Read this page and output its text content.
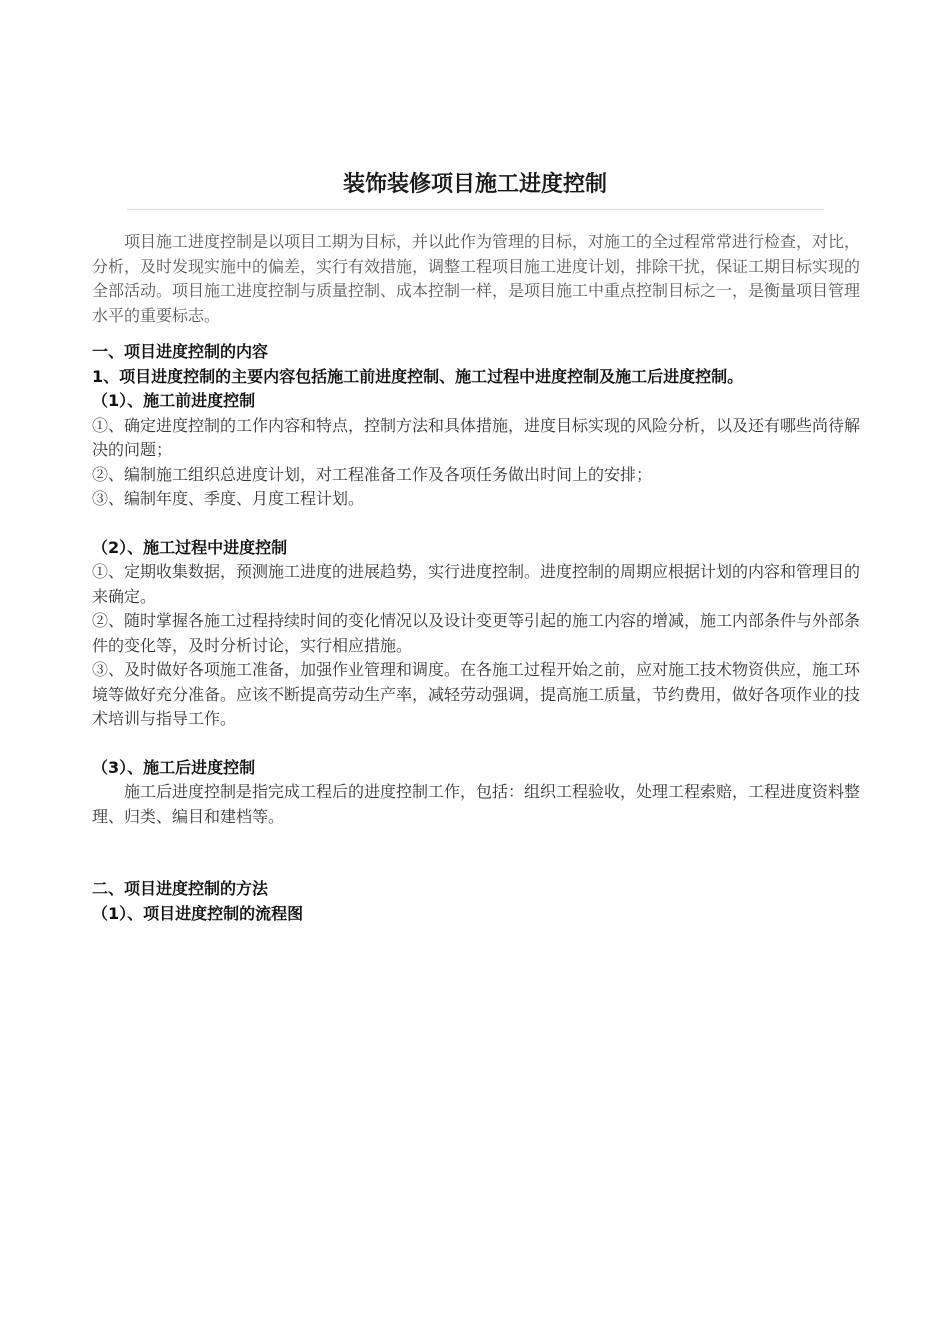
装饰装修项目施工进度控制

项目施工进度控制是以项目工期为目标，并以此作为管理的目标，对施工的全过程常常进行检查，对比，分析，及时发现实施中的偏差，实行有效措施，调整工程项目施工进度计划，排除干扰，保证工期目标实现的全部活动。项目施工进度控制与质量控制、成本控制一样，是项目施工中重点控制目标之一，是衡量项目管理水平的重要标志。

一、项目进度控制的内容

1、项目进度控制的主要内容包括施工前进度控制、施工过程中进度控制及施工后进度控制。

（1）、施工前进度控制

①、确定进度控制的工作内容和特点，控制方法和具体措施，进度目标实现的风险分析，以及还有哪些尚待解决的问题；

②、编制施工组织总进度计划，对工程准备工作及各项任务做出时间上的安排；

③、编制年度、季度、月度工程计划。

（2）、施工过程中进度控制

①、定期收集数据，预测施工进度的进展趋势，实行进度控制。进度控制的周期应根据计划的内容和管理目的来确定。

②、随时掌握各施工过程持续时间的变化情况以及设计变更等引起的施工内容的增减，施工内部条件与外部条件的变化等，及时分析讨论，实行相应措施。

③、及时做好各项施工准备，加强作业管理和调度。在各施工过程开始之前，应对施工技术物资供应，施工环境等做好充分准备。应该不断提高劳动生产率，减轻劳动强调，提高施工质量，节约费用，做好各项作业的技术培训与指导工作。

（3）、施工后进度控制

施工后进度控制是指完成工程后的进度控制工作，包括：组织工程验收，处理工程索赔，工程进度资料整理、归类、编目和建档等。

二、项目进度控制的方法

（1）、项目进度控制的流程图
